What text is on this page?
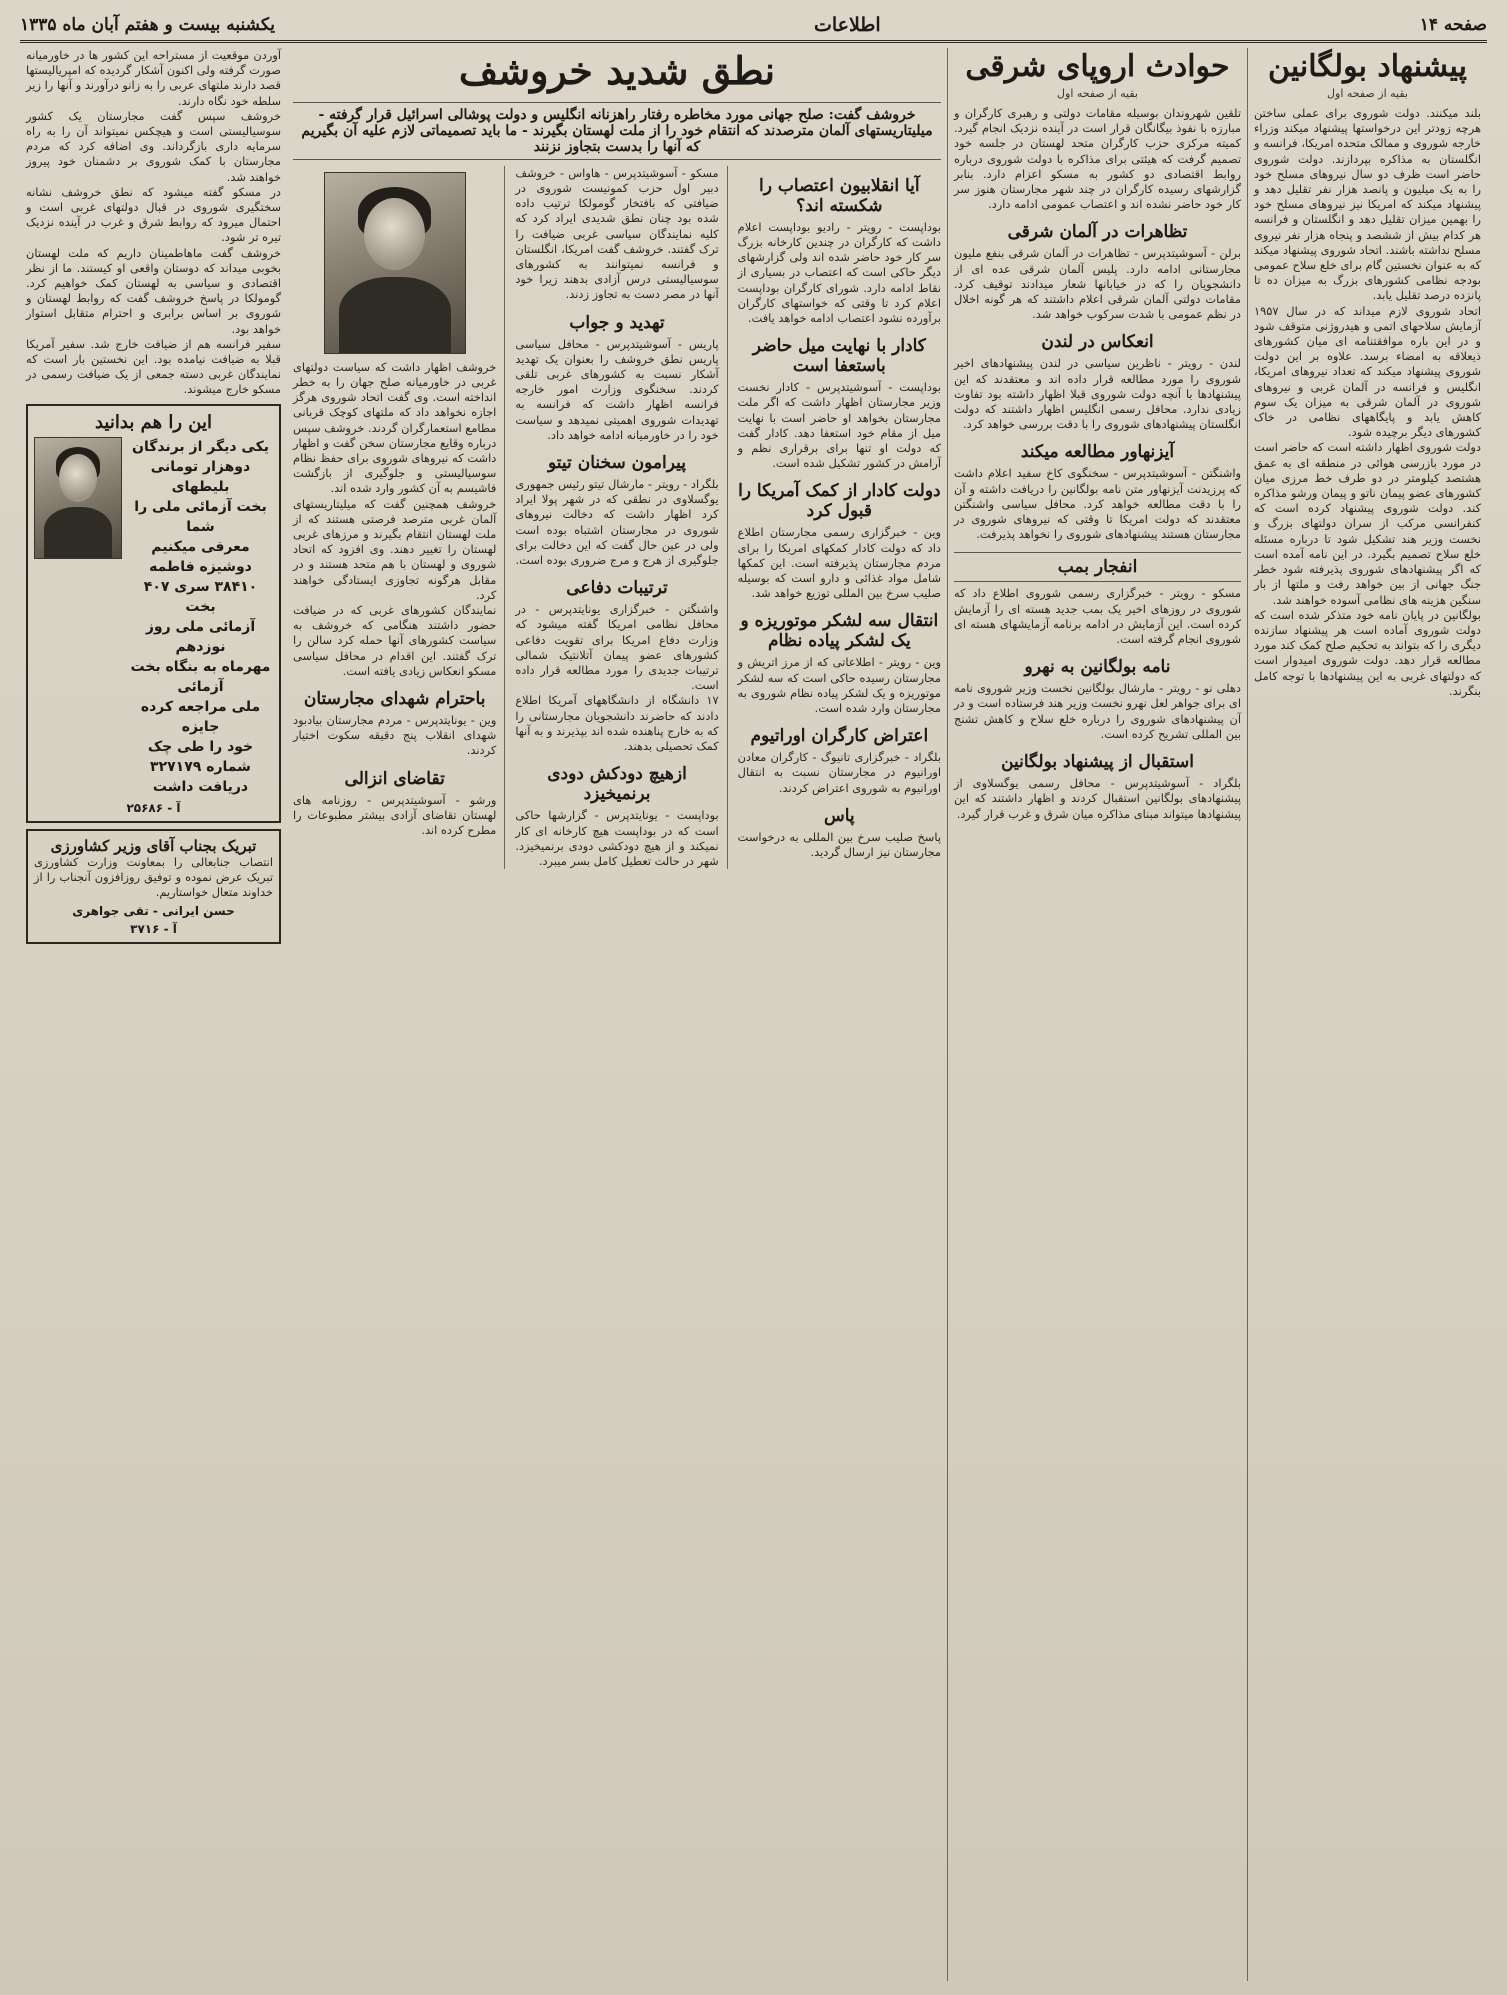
صفحه ۱۴
اطلاعات
یکشنبه بیست و هفتم آبان ماه ۱۳۳۵
پیشنهاد بولگانین
بقیه از صفحه اول

بلند میکنند. دولت شوروی برای عملی ساختن هرچه زودتر این درخواستها پیشنهاد میکند وزراء خارجه شوروی و ممالک متحده امریکا، فرانسه و انگلستان به مذاکره بپردازند. دولت شوروی حاضر است ظرف دو سال نیروهای مسلح خود را به یک میلیون و پانصد هزار نفر تقلیل دهد و پیشنهاد میکند که امریکا نیز نیروهای مسلح خود را بهمین میزان تقلیل دهد و انگلستان و فرانسه هر کدام بیش از ششصد و پنجاه هزار نفر نیروی مسلح نداشته باشند. اتحاد شوروی پیشنهاد میکند که به عنوان نخستین گام برای خلع سلاح عمومی بودجه نظامی کشورهای بزرگ به میزان ده تا پانزده درصد تقلیل یابد.

اتحاد شوروی لازم میداند که در سال ۱۹۵۷ آزمایش سلاحهای اتمی و هیدروژنی متوقف شود و در این باره موافقتنامه ای میان کشورهای ذیعلاقه به امضاء برسد. علاوه بر این دولت شوروی پیشنهاد میکند که تعداد نیروهای امریکا، انگلیس و فرانسه در آلمان غربی و نیروهای شوروی در آلمان شرقی به میزان یک سوم کاهش یابد و پایگاههای نظامی در خاک کشورهای دیگر برچیده شود.

دولت شوروی اظهار داشته است که حاضر است در مورد بازرسی هوائی در منطقه ای به عمق هشتصد کیلومتر در دو طرف خط مرزی میان کشورهای عضو پیمان ناتو و پیمان ورشو مذاکره کند. دولت شوروی پیشنهاد کرده است که کنفرانسی مرکب از سران دولتهای بزرگ و نخست وزیر هند تشکیل شود تا درباره مسئله خلع سلاح تصمیم بگیرد. در این نامه آمده است که اگر پیشنهادهای شوروی پذیرفته شود خطر جنگ جهانی از بین خواهد رفت و ملتها از بار سنگین هزینه های نظامی آسوده خواهند شد.

بولگانین در پایان نامه خود متذکر شده است که دولت شوروی آماده است هر پیشنهاد سازنده دیگری را که بتواند به تحکیم صلح کمک کند مورد مطالعه قرار دهد. دولت شوروی امیدوار است که دولتهای غربی به این پیشنهادها با توجه کامل بنگرند.

حوادث اروپای شرقی
بقیه از صفحه اول

تلقین شهروندان بوسیله مقامات دولتی و رهبری کارگران و مبارزه با نفوذ بیگانگان قرار است در آینده نزدیک انجام گیرد. کمیته مرکزی حزب کارگران متحد لهستان در جلسه خود تصمیم گرفت که هیئتی برای مذاکره با دولت شوروی درباره روابط اقتصادی دو کشور به مسکو اعزام دارد. بنابر گزارشهای رسیده کارگران در چند شهر مجارستان هنوز سر کار خود حاضر نشده اند و اعتصاب عمومی ادامه دارد.

تظاهرات در آلمان شرقی

برلن - آسوشیتدپرس - تظاهرات در آلمان شرقی بنفع ملیون مجارستانی ادامه دارد. پلیس آلمان شرقی عده ای از دانشجویان را که در خیابانها شعار میدادند توقیف کرد. مقامات دولتی آلمان شرقی اعلام داشتند که هر گونه اخلال در نظم عمومی با شدت سرکوب خواهد شد.

انعکاس در لندن

لندن - رویتر - ناظرین سیاسی در لندن پیشنهادهای اخیر شوروی را مورد مطالعه قرار داده اند و معتقدند که این پیشنهادها با آنچه دولت شوروی قبلا اظهار داشته بود تفاوت زیادی ندارد. محافل رسمی انگلیس اظهار داشتند که دولت انگلستان پیشنهادهای شوروی را با دقت بررسی خواهد کرد.

آیزنهاور مطالعه میکند

واشنگتن - آسوشیتدپرس - سخنگوی کاخ سفید اعلام داشت که پرزیدنت آیزنهاور متن نامه بولگانین را دریافت داشته و آن را با دقت مطالعه خواهد کرد. محافل سیاسی واشنگتن معتقدند که دولت امریکا تا وقتی که نیروهای شوروی در مجارستان هستند پیشنهادهای شوروی را نخواهد پذیرفت.

انفجار بمب

مسکو - رویتر - خبرگزاری رسمی شوروی اطلاع داد که شوروی در روزهای اخیر یک بمب جدید هسته ای را آزمایش کرده است. این آزمایش در ادامه برنامه آزمایشهای هسته ای شوروی انجام گرفته است.

نامه بولگانین به نهرو

دهلی نو - رویتر - مارشال بولگانین نخست وزیر شوروی نامه ای برای جواهر لعل نهرو نخست وزیر هند فرستاده است و در آن پیشنهادهای شوروی را درباره خلع سلاح و کاهش تشنج بین المللی تشریح کرده است.

استقبال از پیشنهاد بولگانین

بلگراد - آسوشیتدپرس - محافل رسمی یوگسلاوی از پیشنهادهای بولگانین استقبال کردند و اظهار داشتند که این پیشنهادها میتواند مبنای مذاکره میان شرق و غرب قرار گیرد.

نطق شدید خروشف
خروشف گفت: صلح جهانی مورد مخاطره رفتار راهزنانه انگلیس و دولت پوشالی اسرائیل قرار گرفته - میلیتاریستهای آلمان مترصدند که انتقام خود را از ملت لهستان بگیرند - ما باید تصمیماتی لازم علیه آن بگیریم که آنها را بدست بتجاوز نزنند
آیا انقلابیون اعتصاب را شکسته اند؟

بوداپست - رویتر - رادیو بوداپست اعلام داشت که کارگران در چندین کارخانه بزرگ سر کار خود حاضر شده اند ولی گزارشهای دیگر حاکی است که اعتصاب در بسیاری از نقاط ادامه دارد. شورای کارگران بوداپست اعلام کرد تا وقتی که خواستهای کارگران برآورده نشود اعتصاب ادامه خواهد یافت.

کادار با نهایت میل حاضر باستعفا است

بوداپست - آسوشیتدپرس - کادار نخست وزیر مجارستان اظهار داشت که اگر ملت مجارستان بخواهد او حاضر است با نهایت میل از مقام خود استعفا دهد. کادار گفت که دولت او تنها برای برقراری نظم و آرامش در کشور تشکیل شده است.

دولت کادار از کمک آمریکا را قبول کرد

وین - خبرگزاری رسمی مجارستان اطلاع داد که دولت کادار کمکهای امریکا را برای مردم مجارستان پذیرفته است. این کمکها شامل مواد غذائی و دارو است که بوسیله صلیب سرخ بین المللی توزیع خواهد شد.

انتقال سه لشکر موتوریزه و یک لشکر پیاده نظام

وین - رویتر - اطلاعاتی که از مرز اتریش و مجارستان رسیده حاکی است که سه لشکر موتوریزه و یک لشکر پیاده نظام شوروی به مجارستان وارد شده است.

اعتراض کارگران اوراتیوم

بلگراد - خبرگزاری تانیوگ - کارگران معادن اورانیوم در مجارستان نسبت به انتقال اورانیوم به شوروی اعتراض کردند.

پاس

پاسخ صلیب سرخ بین المللی به درخواست مجارستان نیز ارسال گردید.

مسکو - آسوشیتدپرس - هاواس - خروشف دبیر اول حزب کمونیست شوروی در ضیافتی که بافتخار گومولکا ترتیب داده شده بود چنان نطق شدیدی ایراد کرد که کلیه نمایندگان سیاسی غربی ضیافت را ترک گفتند. خروشف گفت امریکا، انگلستان و فرانسه نمیتوانند به کشورهای سوسیالیستی درس آزادی بدهند زیرا خود آنها در مصر دست به تجاوز زدند.

تهدید و جواب

پاریس - آسوشیتدپرس - محافل سیاسی پاریس نطق خروشف را بعنوان یک تهدید آشکار نسبت به کشورهای غربی تلقی کردند. سخنگوی وزارت امور خارجه فرانسه اظهار داشت که فرانسه به تهدیدات شوروی اهمیتی نمیدهد و سیاست خود را در خاورمیانه ادامه خواهد داد.

پیرامون سخنان تیتو

بلگراد - رویتر - مارشال تیتو رئیس جمهوری یوگسلاوی در نطقی که در شهر پولا ایراد کرد اظهار داشت که دخالت نیروهای شوروی در مجارستان اشتباه بوده است ولی در عین حال گفت که این دخالت برای جلوگیری از هرج و مرج ضروری بوده است.

ترتیبات دفاعی

واشنگتن - خبرگزاری یونایتدپرس - در محافل نظامی امریکا گفته میشود که وزارت دفاع امریکا برای تقویت دفاعی کشورهای عضو پیمان آتلانتیک شمالی ترتیبات جدیدی را مورد مطالعه قرار داده است.

۱۷ دانشگاه از دانشگاههای آمریکا اطلاع دادند که حاضرند دانشجویان مجارستانی را که به خارج پناهنده شده اند بپذیرند و به آنها کمک تحصیلی بدهند.

ازهیچ دودکش دودی برنمیخیزد

بوداپست - یونایتدپرس - گزارشها حاکی است که در بوداپست هیچ کارخانه ای کار نمیکند و از هیچ دودکشی دودی برنمیخیزد. شهر در حالت تعطیل کامل بسر میبرد.

خروشف اظهار داشت که سیاست دولتهای غربی در خاورمیانه صلح جهان را به خطر انداخته است. وی گفت اتحاد شوروی هرگز اجازه نخواهد داد که ملتهای کوچک قربانی مطامع استعمارگران گردند. خروشف سپس درباره وقایع مجارستان سخن گفت و اظهار داشت که نیروهای شوروی برای حفظ نظام سوسیالیستی و جلوگیری از بازگشت فاشیسم به آن کشور وارد شده اند.

خروشف همچنین گفت که میلیتاریستهای آلمان غربی مترصد فرصتی هستند که از ملت لهستان انتقام بگیرند و مرزهای غربی لهستان را تغییر دهند. وی افزود که اتحاد شوروی و لهستان با هم متحد هستند و در مقابل هرگونه تجاوزی ایستادگی خواهند کرد.

نمایندگان کشورهای غربی که در ضیافت حضور داشتند هنگامی که خروشف به سیاست کشورهای آنها حمله کرد سالن را ترک گفتند. این اقدام در محافل سیاسی مسکو انعکاس زیادی یافته است.

باحترام شهدای مجارستان

وین - یونایتدپرس - مردم مجارستان بیادبود شهدای انقلاب پنج دقیقه سکوت اختیار کردند.

تقاضای انزالی

ورشو - آسوشیتدپرس - روزنامه های لهستان تقاضای آزادی بیشتر مطبوعات را مطرح کرده اند.

آوردن موقعیت از مستراحه این کشور ها در خاورمیانه صورت گرفته ولی اکنون آشکار گردیده که امپریالیستها قصد دارند ملتهای عربی را به زانو درآورند و آنها را زیر سلطه خود نگاه دارند.

خروشف سپس گفت مجارستان یک کشور سوسیالیستی است و هیچکس نمیتواند آن را به راه سرمایه داری بازگرداند. وی اضافه کرد که مردم مجارستان با کمک شوروی بر دشمنان خود پیروز خواهند شد.

در مسکو گفته میشود که نطق خروشف نشانه سختگیری شوروی در قبال دولتهای غربی است و احتمال میرود که روابط شرق و غرب در آینده نزدیک تیره تر شود.

خروشف گفت ماهاطمینان داریم که ملت لهستان بخوبی میداند که دوستان واقعی او کیستند. ما از نظر اقتصادی و سیاسی به لهستان کمک خواهیم کرد. گومولکا در پاسخ خروشف گفت که روابط لهستان و شوروی بر اساس برابری و احترام متقابل استوار خواهد بود.

سفیر فرانسه هم از ضیافت خارج شد. سفیر آمریکا قبلا به ضیافت نیامده بود. این نخستین بار است که نمایندگان غربی دسته جمعی از یک ضیافت رسمی در مسکو خارج میشوند.

این را هم بدانید
یکی دیگر از برندگان
دوهزار تومانی بلیطهای
بخت آزمائی ملی را شما
معرفی میکنیم دوشیزه فاطمه
۳۸۴۱۰ سری ۴۰۷ بخت
آزمائی ملی روز نوزدهم
مهرماه به بنگاه بخت آزمائی
ملی مراجعه کرده جایزه
خود را طی چک شماره ۳۲۷۱۷۹ دریافت داشت
آ - ۲۵۶۸۶
تبریک بجناب آقای وزیر کشاورزی

انتصاب جنابعالی را بمعاونت وزارت کشاورزی تبریک عرض نموده و توفیق روزافزون آنجناب را از خداوند متعال خواستاریم.

حسن ایرانی - تقی جواهری
آ - ۳۷۱۶
